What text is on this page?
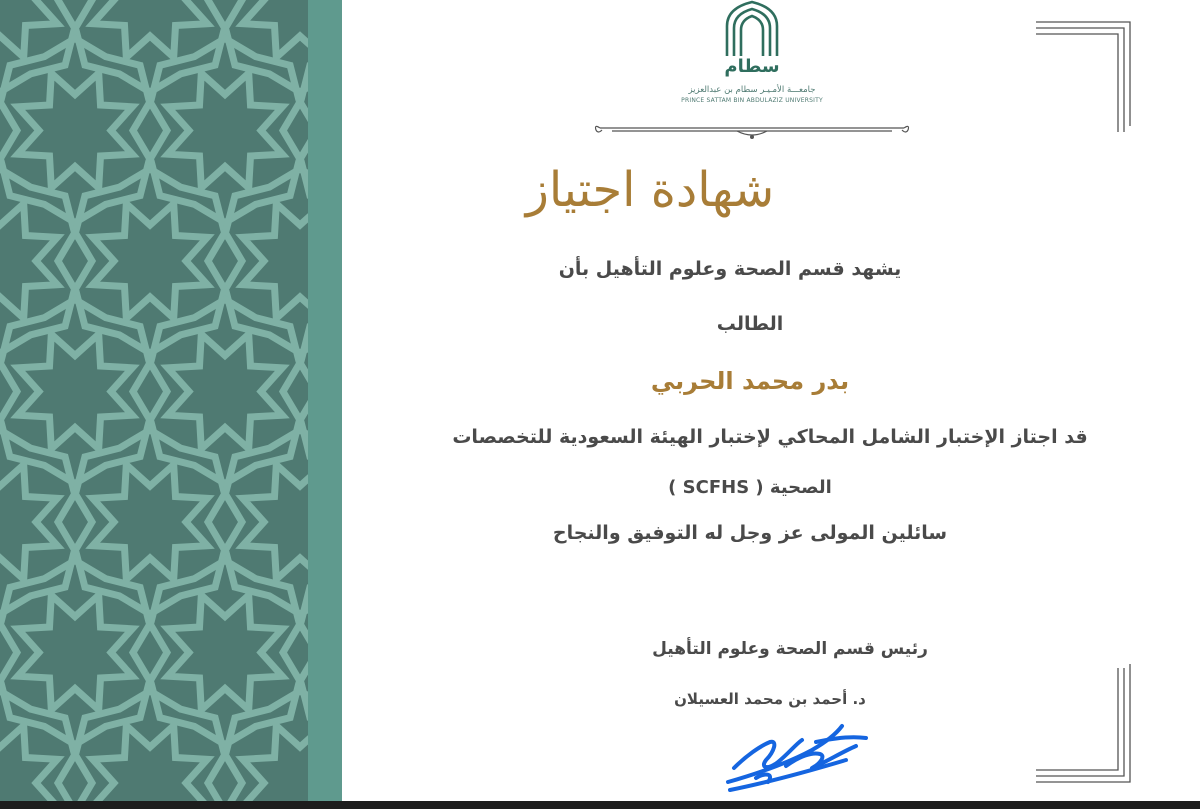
سطام
جامعـــة الأمـيـر سطام بن عبدالعزيز
PRINCE SATTAM BIN ABDULAZIZ UNIVERSITY
شهادة اجتياز
يشهد قسم الصحة وعلوم التأهيل بأن
الطالب
بدر محمد الحربي
قد اجتاز الإختبار الشامل المحاكي لإختبار الهيئة السعودية للتخصصات
الصحية ( SCFHS )
سائلين المولى عز وجل له التوفيق والنجاح
رئيس قسم الصحة وعلوم التأهيل
د. أحمد بن محمد العسيلان
